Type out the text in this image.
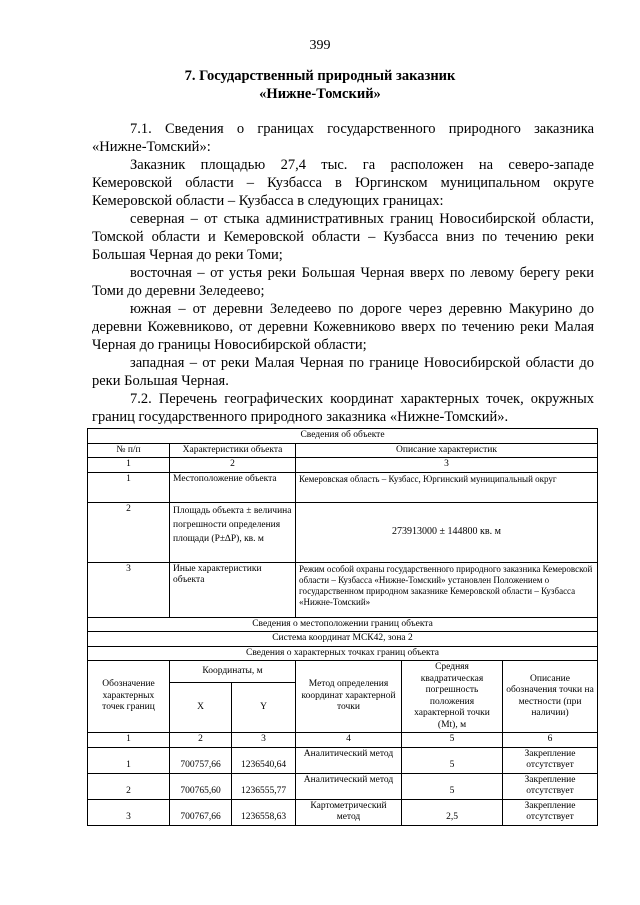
399
7. Государственный природный заказник
«Нижне-Томский»

7.1. Сведения о границах государственного природного заказника «Нижне-Томский»:

Заказник площадью 27,4 тыс. га расположен на северо-западе Кемеровской области – Кузбасса в Юргинском муниципальном округе Кемеровской области – Кузбасса в следующих границах:

северная – от стыка административных границ Новосибирской области, Томской области и Кемеровской области – Кузбасса вниз по течению реки Большая Черная до реки Томи;

восточная – от устья реки Большая Черная вверх по левому берегу реки Томи до деревни Зеледеево;

южная – от деревни Зеледеево по дороге через деревню Макурино до деревни Кожевниково, от деревни Кожевниково вверх по течению реки Малая Черная до границы Новосибирской области;

западная – от реки Малая Черная по границе Новосибирской области до реки Большая Черная.

7.2. Перечень географических координат характерных точек, окружных границ государственного природного заказника «Нижне-Томский».

Сведения об объекте					
№ п/п	Характеристики объекта		Описание характеристик		
1	2		3		
1	Местоположение объекта		Кемеровская область – Кузбасс, Юргинский муниципальный округ		
2	Площадь объекта ± величина погрешности определения площади (Р±∆Р), кв. м		273913000 ± 144800 кв. м		
3	Иные характеристики объекта		Режим особой охраны государственного природного заказника Кемеровской области – Кузбасса «Нижне-Томский» установлен Положением о государственном природном заказнике Кемеровской области – Кузбасса «Нижне-Томский»		
Сведения о местоположении границ объекта					
Система координат МСК42, зона 2					
Сведения о характерных точках границ объекта					
Обозначение характерных точек границ	Координаты, м		Метод определения координат характерной точки	Средняя квадратическая погрешность положения характерной точки (Mt), м	Описание обозначения точки на местности (при наличии)
	X	Y			
1	2	3	4	5	6
1	700757,66	1236540,64	Аналитический метод	5	Закрепление отсутствует
2	700765,60	1236555,77	Аналитический метод	5	Закрепление отсутствует
3	700767,66	1236558,63	Картометрический метод	2,5	Закрепление отсутствует
